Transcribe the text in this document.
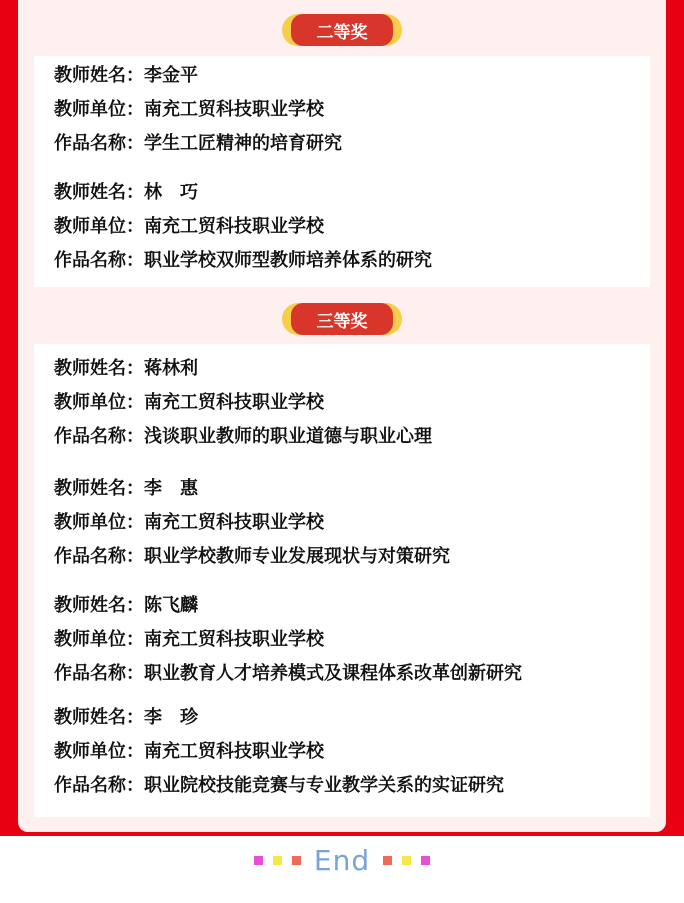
二等奖
教师姓名：李金平
教师单位：南充工贸科技职业学校
作品名称：学生工匠精神的培育研究
教师姓名：林　巧
教师单位：南充工贸科技职业学校
作品名称：职业学校双师型教师培养体系的研究
三等奖
教师姓名：蒋林利
教师单位：南充工贸科技职业学校
作品名称：浅谈职业教师的职业道德与职业心理
教师姓名：李　惠
教师单位：南充工贸科技职业学校
作品名称：职业学校教师专业发展现状与对策研究
教师姓名：陈飞麟
教师单位：南充工贸科技职业学校
作品名称：职业教育人才培养模式及课程体系改革创新研究
教师姓名：李　珍
教师单位：南充工贸科技职业学校
作品名称：职业院校技能竞赛与专业教学关系的实证研究
End
